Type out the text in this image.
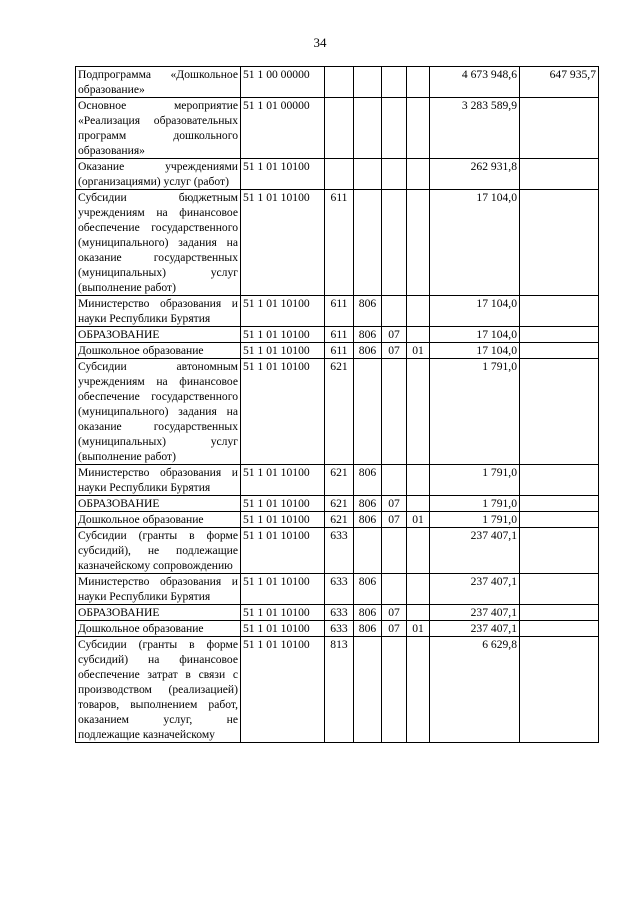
34
Подпрограмма «Дошкольное образование»	51 1 00 00000					4 673 948,6	647 935,7
Основное мероприятие «Реализация образовательных программ дошкольного образования»	51 1 01 00000					3 283 589,9	
Оказание учреждениями (организациями) услуг (работ)	51 1 01 10100					262 931,8	
Субсидии бюджетным учреждениям на финансовое обеспечение государственного (муниципального) задания на оказание государственных (муниципальных) услуг (выполнение работ)	51 1 01 10100	611				17 104,0	
Министерство образования и науки Республики Бурятия	51 1 01 10100	611	806			17 104,0	
ОБРАЗОВАНИЕ	51 1 01 10100	611	806	07		17 104,0	
Дошкольное образование	51 1 01 10100	611	806	07	01	17 104,0	
Субсидии автономным учреждениям на финансовое обеспечение государственного (муниципального) задания на оказание государственных (муниципальных) услуг (выполнение работ)	51 1 01 10100	621				1 791,0	
Министерство образования и науки Республики Бурятия	51 1 01 10100	621	806			1 791,0	
ОБРАЗОВАНИЕ	51 1 01 10100	621	806	07		1 791,0	
Дошкольное образование	51 1 01 10100	621	806	07	01	1 791,0	
Субсидии (гранты в форме субсидий), не подлежащие казначейскому сопровождению	51 1 01 10100	633				237 407,1	
Министерство образования и науки Республики Бурятия	51 1 01 10100	633	806			237 407,1	
ОБРАЗОВАНИЕ	51 1 01 10100	633	806	07		237 407,1	
Дошкольное образование	51 1 01 10100	633	806	07	01	237 407,1	
Субсидии (гранты в форме субсидий) на финансовое обеспечение затрат в связи с производством (реализацией) товаров, выполнением работ, оказанием услуг, не подлежащие казначейскому	51 1 01 10100	813				6 629,8	
